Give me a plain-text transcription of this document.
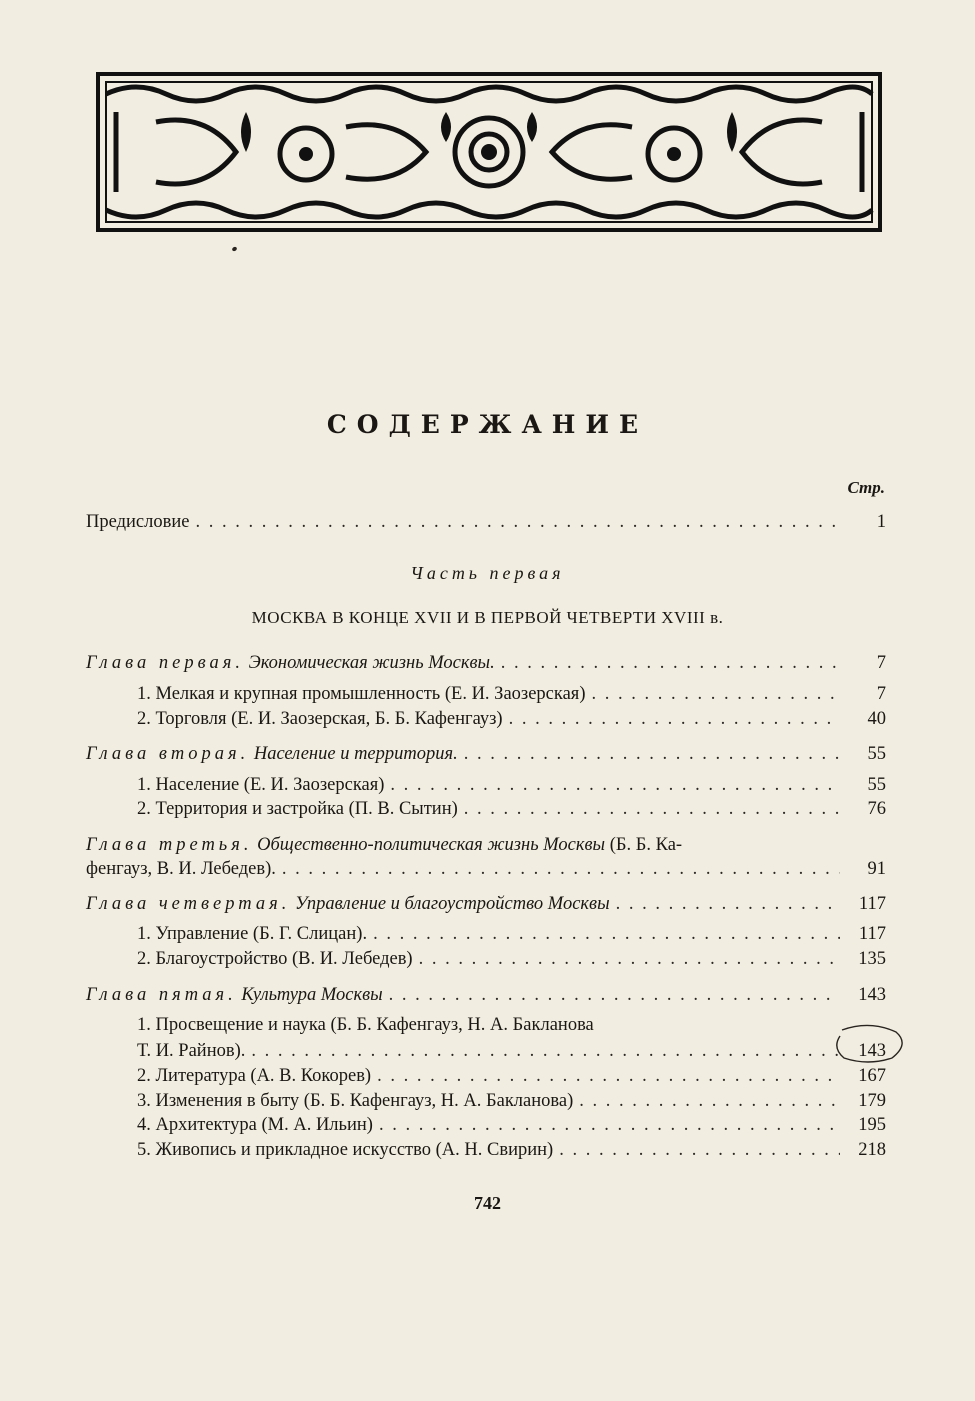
СОДЕРЖАНИЕ
Стр.
Предисловие . . .	1
Часть первая
МОСКВА В КОНЦЕ XVII И В ПЕРВОЙ ЧЕТВЕРТИ XVIII в.
Глава первая. Экономическая жизнь Москвы. . . .	7
1. Мелкая и крупная промышленность (Е. И. Заозерская) . . .	7
2. Торговля (Е. И. Заозерская, Б. Б. Кафенгауз) . . .	40
Глава вторая. Население и территория. . . .	55
1. Население (Е. И. Заозерская) . . .	55
2. Территория и застройка (П. В. Сытин) . . .	76
Глава третья. Общественно-политическая жизнь Москвы (Б. Б. Ка-
фенгауз, В. И. Лебедев). . . .	91
Глава четвертая. Управление и благоустройство Москвы . . .	117
1. Управление (Б. Г. Слицан). . . .	117
2. Благоустройство (В. И. Лебедев) . . .	135
Глава пятая. Культура Москвы . . .	143
1. Просвещение и наука (Б. Б. Кафенгауз, Н. А. Бакланова
Т. И. Райнов). . . .	143
2. Литература (А. В. Кокорев) . . .	167
3. Изменения в быту (Б. Б. Кафенгауз, Н. А. Бакланова) . . .	179
4. Архитектура (М. А. Ильин) . . .	195
5. Живопись и прикладное искусство (А. Н. Свирин) . . .	218
742
